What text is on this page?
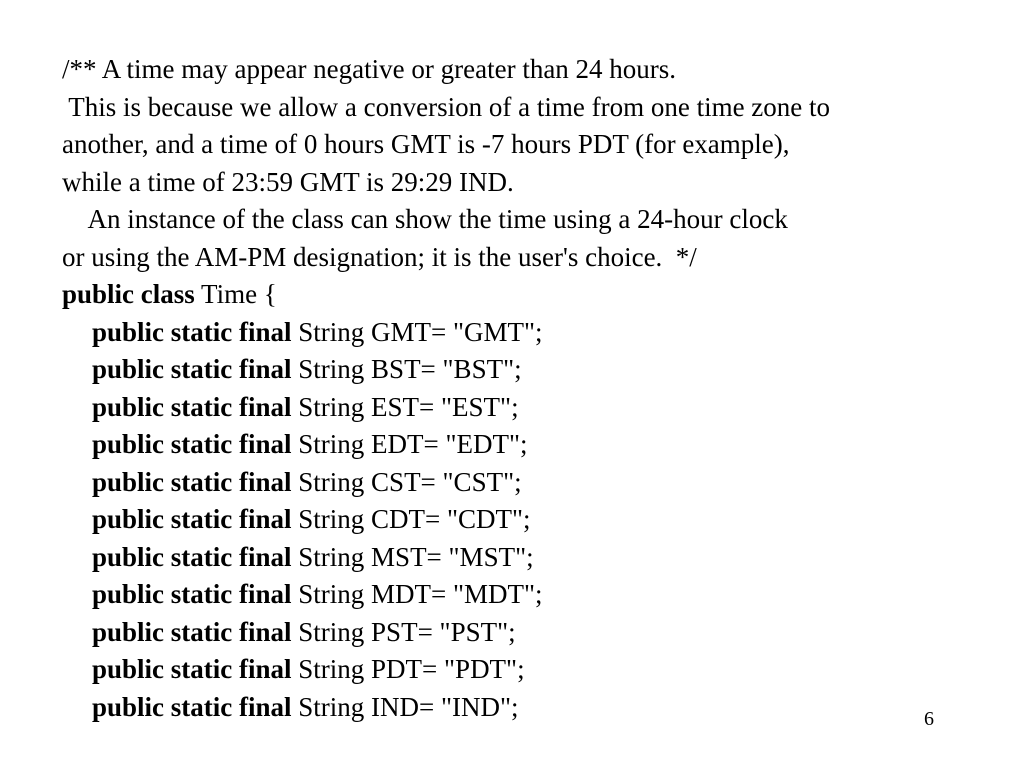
/** A time may appear negative or greater than 24 hours.
This is because we allow a conversion of a time from one time zone to
another, and a time of 0 hours GMT is -7 hours PDT (for example),
while a time of 23:59 GMT is 29:29 IND.
An instance of the class can show the time using a 24-hour clock
or using the AM-PM designation; it is the user's choice.  */
public class Time {
public static final String GMT= "GMT";
public static final String BST= "BST";
public static final String EST= "EST";
public static final String EDT= "EDT";
public static final String CST= "CST";
public static final String CDT= "CDT";
public static final String MST= "MST";
public static final String MDT= "MDT";
public static final String PST= "PST";
public static final String PDT= "PDT";
public static final String IND= "IND";	6
